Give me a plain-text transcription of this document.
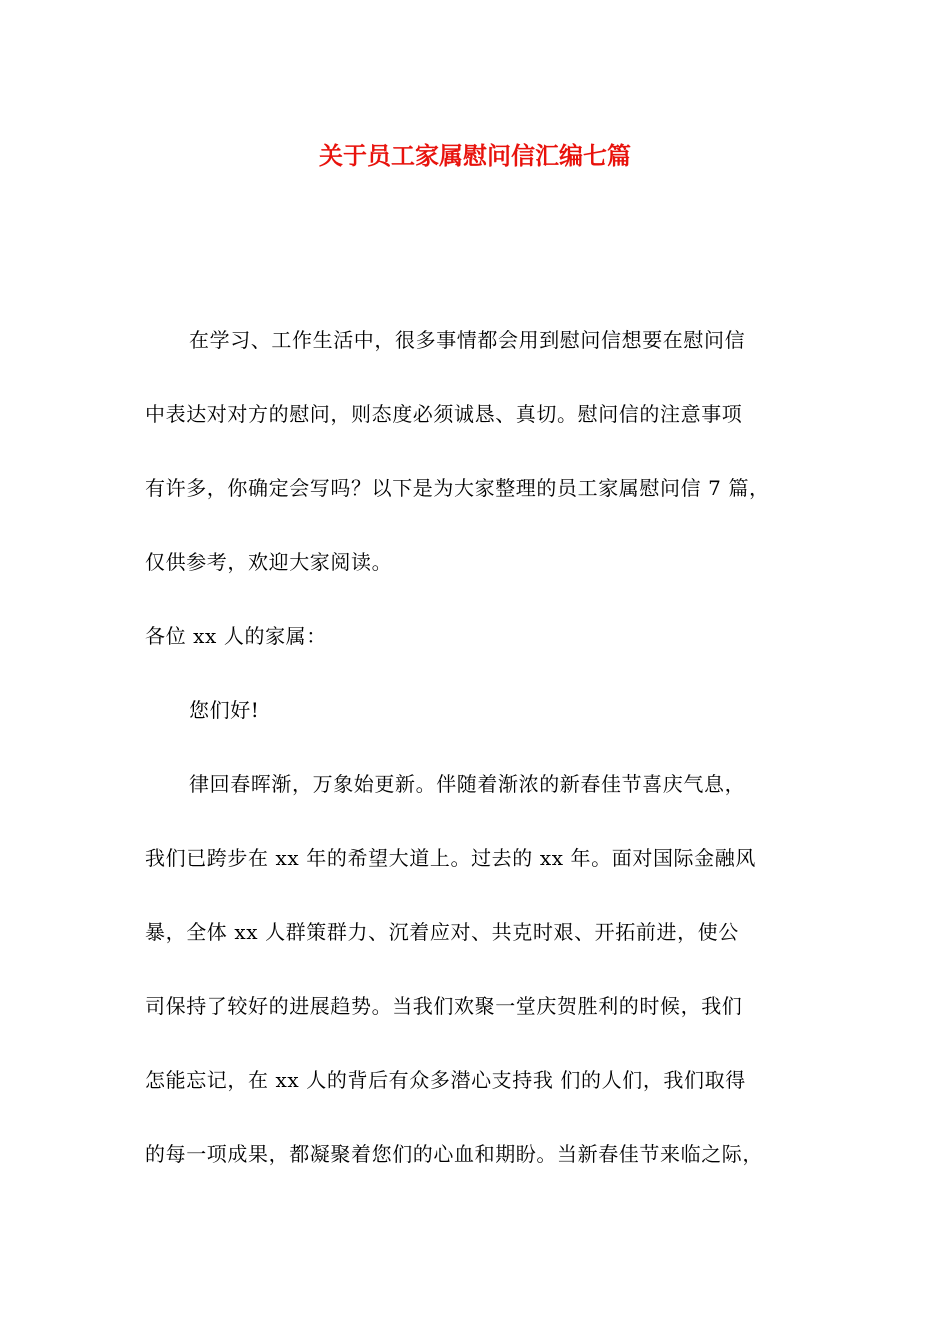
关于员工家属慰问信汇编七篇

在学习、工作生活中，很多事情都会用到慰问信想要在慰问信

中表达对对方的慰问，则态度必须诚恳、真切。慰问信的注意事项

有许多，你确定会写吗？以下是为大家整理的员工家属慰问信 7 篇，

仅供参考，欢迎大家阅读。

各位 xx 人的家属：

您们好!

律回春晖渐，万象始更新。伴随着渐浓的新春佳节喜庆气息，

我们已跨步在 xx 年的希望大道上。过去的 xx 年。面对国际金融风

暴，全体 xx 人群策群力、沉着应对、共克时艰、开拓前进，使公

司保持了较好的进展趋势。当我们欢聚一堂庆贺胜利的时候，我们

怎能忘记，在 xx 人的背后有众多潜心支持我 们的人们，我们取得

的每一项成果，都凝聚着您们的心血和期盼。当新春佳节来临之际，
